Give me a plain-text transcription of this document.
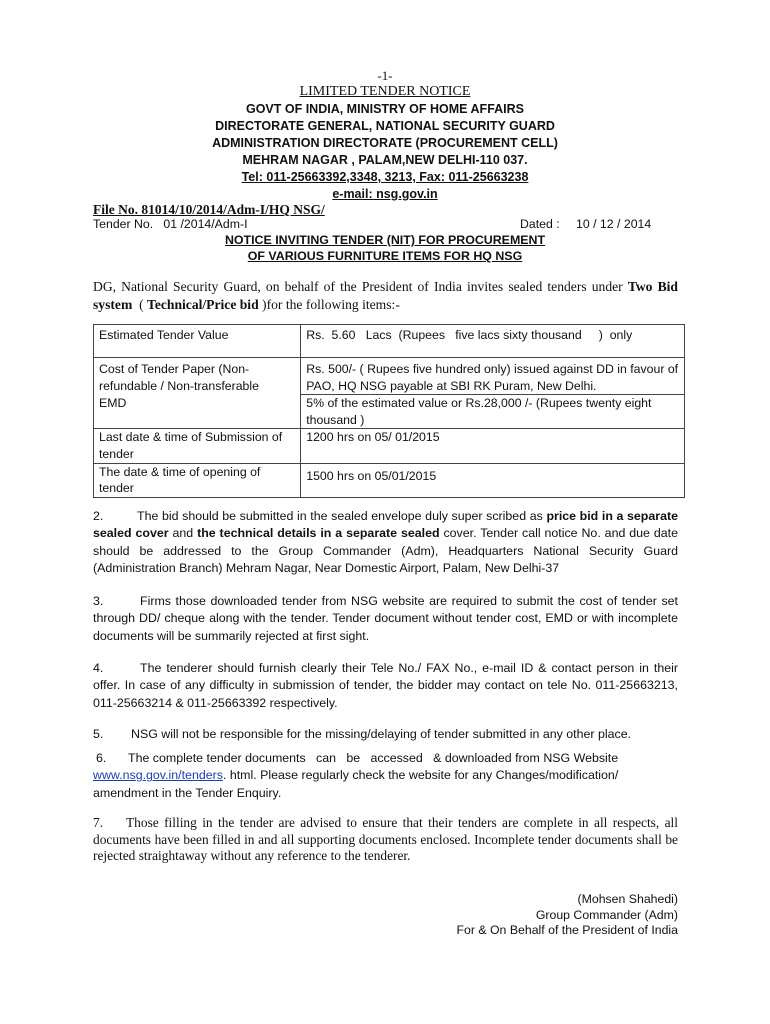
-1-
LIMITED TENDER NOTICE
GOVT OF INDIA, MINISTRY OF HOME AFFAIRS
DIRECTORATE GENERAL, NATIONAL SECURITY GUARD
ADMINISTRATION DIRECTORATE (PROCUREMENT CELL)
MEHRAM NAGAR , PALAM,NEW DELHI-110 037.
Tel: 011-25663392,3348, 3213, Fax: 011-25663238
e-mail: nsg.gov.in
File No. 81014/10/2014/Adm-I/HQ NSG/
Tender No.   01 /2014/Adm-I	Dated : 10 / 12 / 2014
NOTICE INVITING TENDER (NIT) FOR PROCUREMENT
OF VARIOUS FURNITURE ITEMS FOR HQ NSG
DG, National Security Guard, on behalf of the President of India invites sealed tenders under Two Bid system  ( Technical/Price bid )for the following items:-
Estimated Tender Value	Rs.  5.60   Lacs  (Rupees   five lacs sixty thousand     )  only
Cost of Tender Paper (Non-refundable / Non-transferable	Rs. 500/- ( Rupees five hundred only) issued against DD in favour of PAO, HQ NSG payable at SBI RK Puram, New Delhi.
EMD	5% of the estimated value or Rs.28,000 /- (Rupees twenty eight thousand )
Last date & time of Submission of tender	1200 hrs on 05/ 01/2015
The date & time of opening of tender	1500 hrs on 05/01/2015
2.	The bid should be submitted in the sealed envelope duly super scribed as price bid in a separate sealed cover and the technical details in a separate sealed cover. Tender call notice No. and due date should be addressed to the Group Commander (Adm), Headquarters National Security Guard (Administration Branch) Mehram Nagar, Near Domestic Airport, Palam, New Delhi-37
3.	Firms those downloaded tender from NSG website are required to submit the cost of tender set through DD/ cheque along with the tender. Tender document without tender cost, EMD or with incomplete documents will be summarily rejected at first sight.
4.	The tenderer should furnish clearly their Tele No./ FAX No., e-mail ID & contact person in their offer. In case of any difficulty in submission of tender, the bidder may contact on tele No. 011-25663213, 011-25663214 & 011-25663392 respectively.
5. NSG will not be responsible for the missing/delaying of tender submitted in any other place.
6. The complete tender documents   can   be   accessed   & downloaded from NSG Website
www.nsg.gov.in/tenders. html. Please regularly check the website for any Changes/modification/ amendment in the Tender Enquiry.
7. Those filling in the tender are advised to ensure that their tenders are complete in all respects, all documents have been filled in and all supporting documents enclosed. Incomplete tender documents shall be rejected straightaway without any reference to the tenderer.
(Mohsen Shahedi)
Group Commander (Adm)
For & On Behalf of the President of India
